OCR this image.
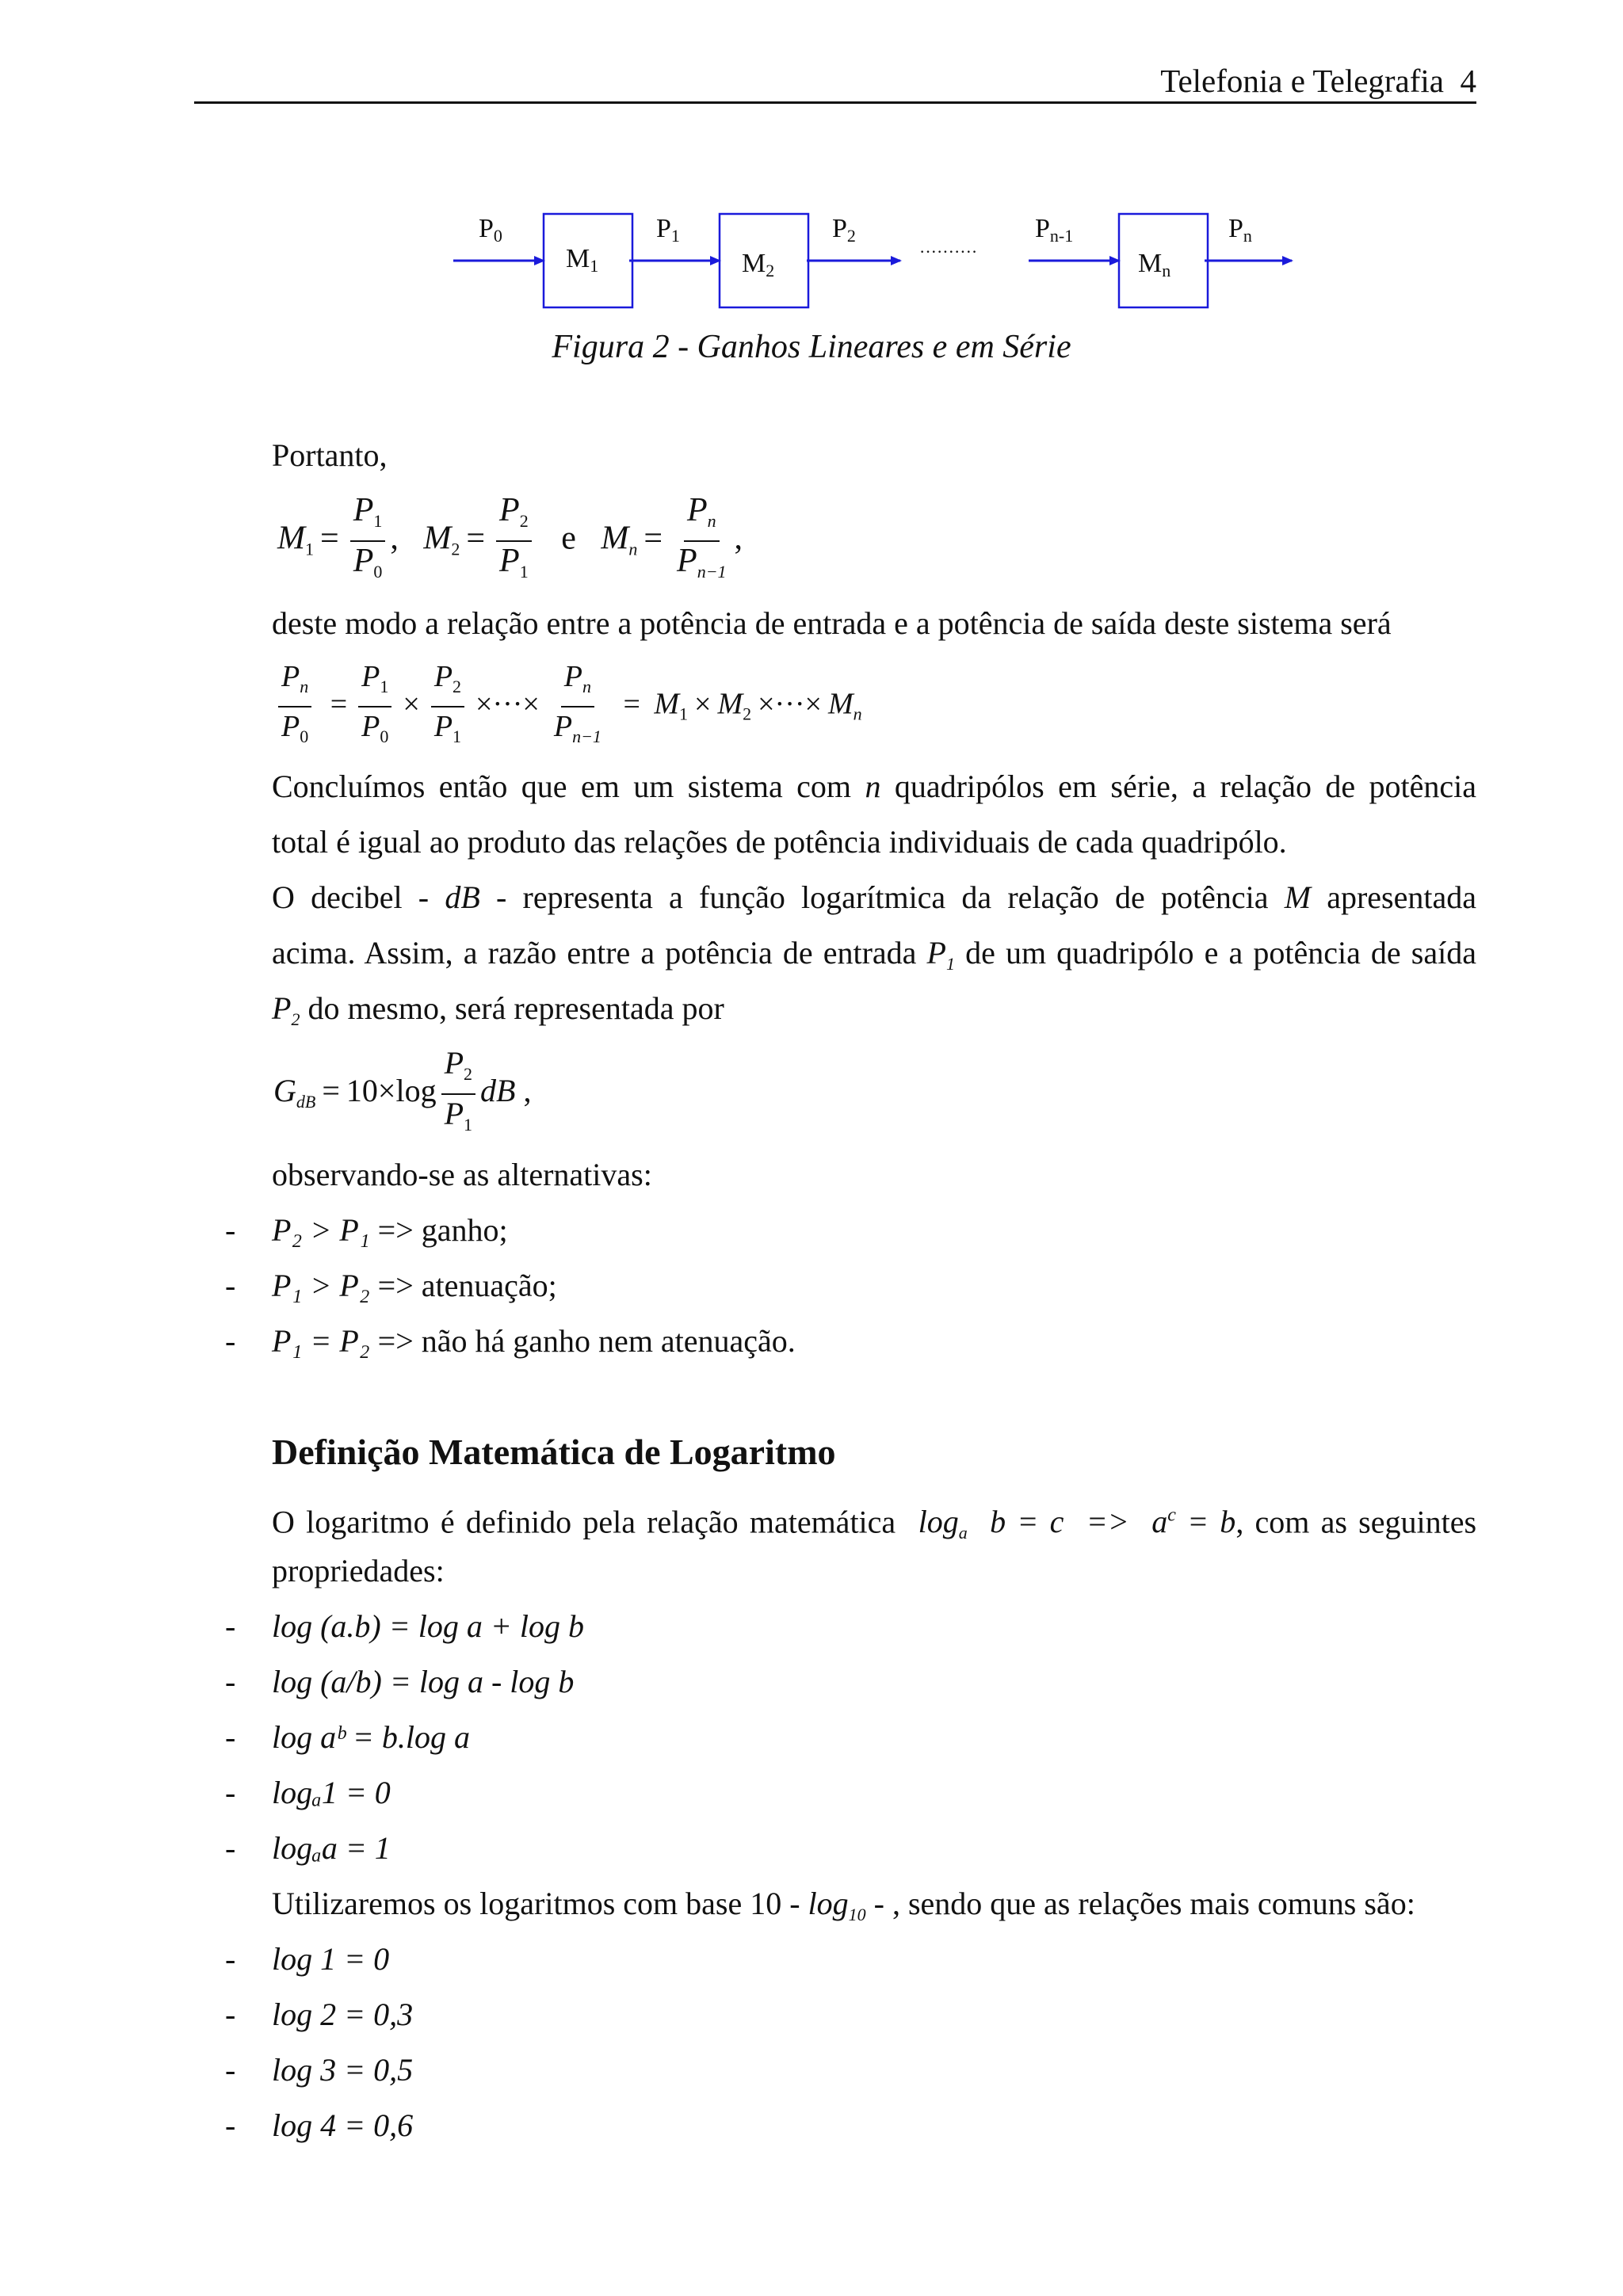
Telefonia e Telegrafia 4
P0
M1
P1
M2
P2
··········
Pn-1
Mn
Pn
Figura 2 - Ganhos Lineares e em Série
Portanto,
$M_1 = \frac{P_1}{P_0}$ ,   $M_2 = \frac{P_2}{P_1}$ e   $M_n = \frac{P_n}{P_{n-1}}$ ,
deste modo a relação entre a potência de entrada e a potência de saída deste sistema será
$\frac{P_n}{P_0} = \frac{P_1}{P_0} \times \frac{P_2}{P_1}$ ×···× $\frac{P_n}{P_{n-1}} = M_1 \times M_2$ ×···× $M_n$
Concluímos então que em um sistema com n quadripólos em série, a relação de potência
total é igual ao produto das relações de potência individuais de cada quadripólo.
O decibel - dB - representa a função logarítmica da relação de potência M apresentada
acima. Assim, a razão entre a potência de entrada $P_1$ de um quadripólo e a potência de saída
$P_2$ do mesmo, será representada por
$G_{dB} = 10\times\log \frac{P_2}{P_1}$ dB ,
observando-se as alternativas:
- P₂ > P₁ => ganho;
- P₁ > P₂ => atenuação;
- P₁ = P₂ => não há ganho nem atenuação.
Definição Matemática de Logaritmo
O logaritmo é definido pela relação matemática $\log_a b = c => a^c = b$, com as seguintes
propriedades:
- log (a.b) = log a + log b
- log (a/b) = log a - log b
- log aᵇ = b.log a
- logₐ1 = 0
- logₐa = 1
Utilizaremos os logaritmos com base $10 - \log_{10}$ - , sendo que as relações mais comuns são:
- log 1 = 0
- log 2 = 0,3
- log 3 = 0,5
- log 4 = 0,6
